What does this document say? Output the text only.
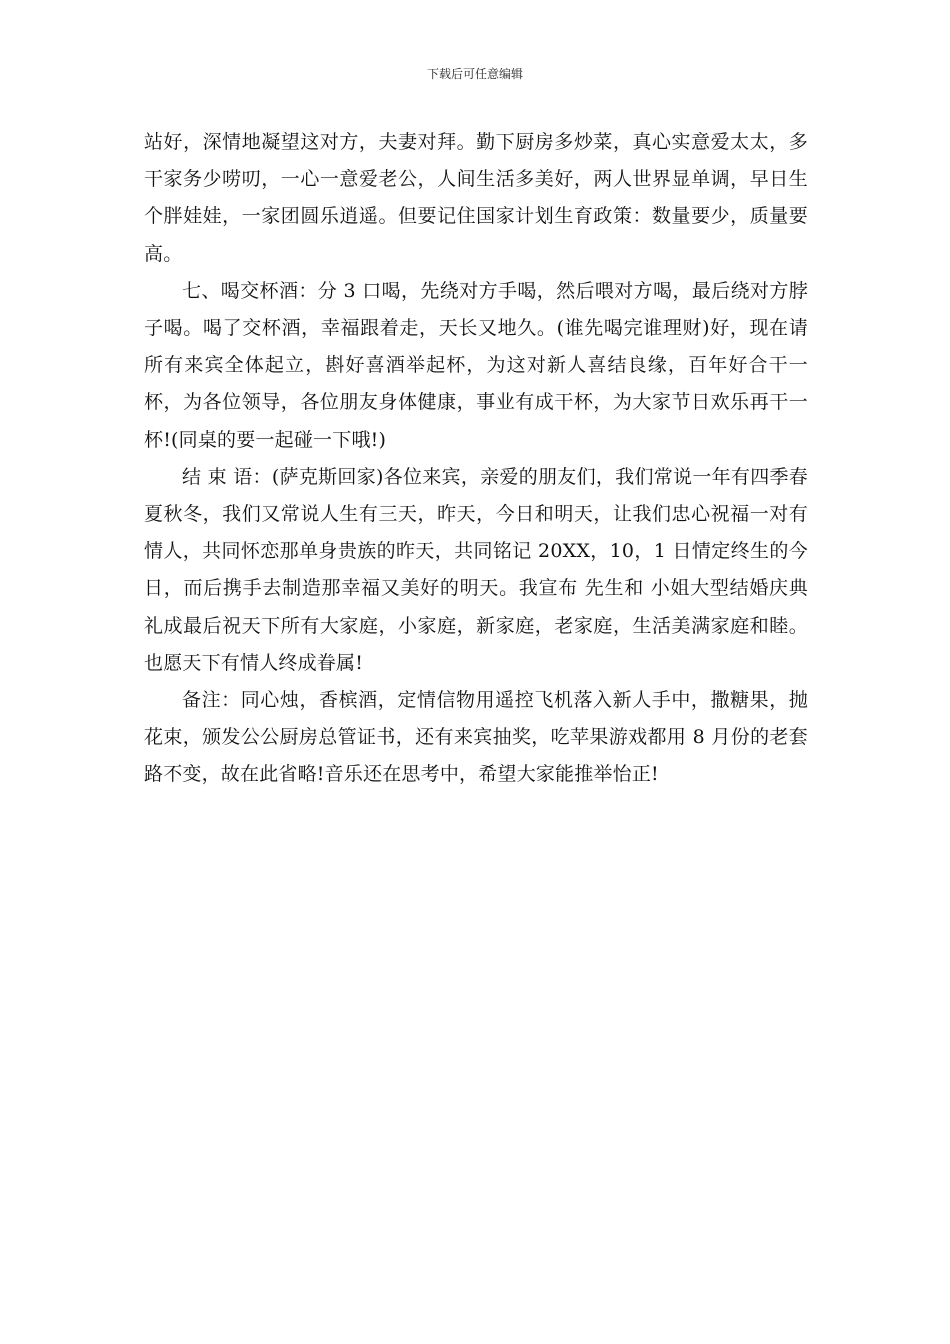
下载后可任意编辑

站好，深情地凝望这对方，夫妻对拜。勤下厨房多炒菜，真心实意爱太太，多干家务少唠叨，一心一意爱老公，人间生活多美好，两人世界显单调，早日生个胖娃娃，一家团圆乐逍遥。但要记住国家计划生育政策：数量要少，质量要高。

七、喝交杯酒：分 3 口喝，先绕对方手喝，然后喂对方喝，最后绕对方脖子喝。喝了交杯酒，幸福跟着走，天长又地久。(谁先喝完谁理财)好，现在请所有来宾全体起立，斟好喜酒举起杯，为这对新人喜结良缘，百年好合干一杯，为各位领导，各位朋友身体健康，事业有成干杯，为大家节日欢乐再干一杯!(同桌的要一起碰一下哦!)

结 束 语：(萨克斯回家)各位来宾，亲爱的朋友们，我们常说一年有四季春夏秋冬，我们又常说人生有三天，昨天，今日和明天，让我们忠心祝福一对有情人，共同怀恋那单身贵族的昨天，共同铭记 20XX，10，1 日情定终生的今日，而后携手去制造那幸福又美好的明天。我宣布 先生和 小姐大型结婚庆典礼成最后祝天下所有大家庭，小家庭，新家庭，老家庭，生活美满家庭和睦。也愿天下有情人终成眷属!

备注：同心烛，香槟酒，定情信物用遥控飞机落入新人手中，撒糖果，抛花束，颁发公公厨房总管证书，还有来宾抽奖，吃苹果游戏都用 8 月份的老套路不变，故在此省略!音乐还在思考中，希望大家能推举怡正!
